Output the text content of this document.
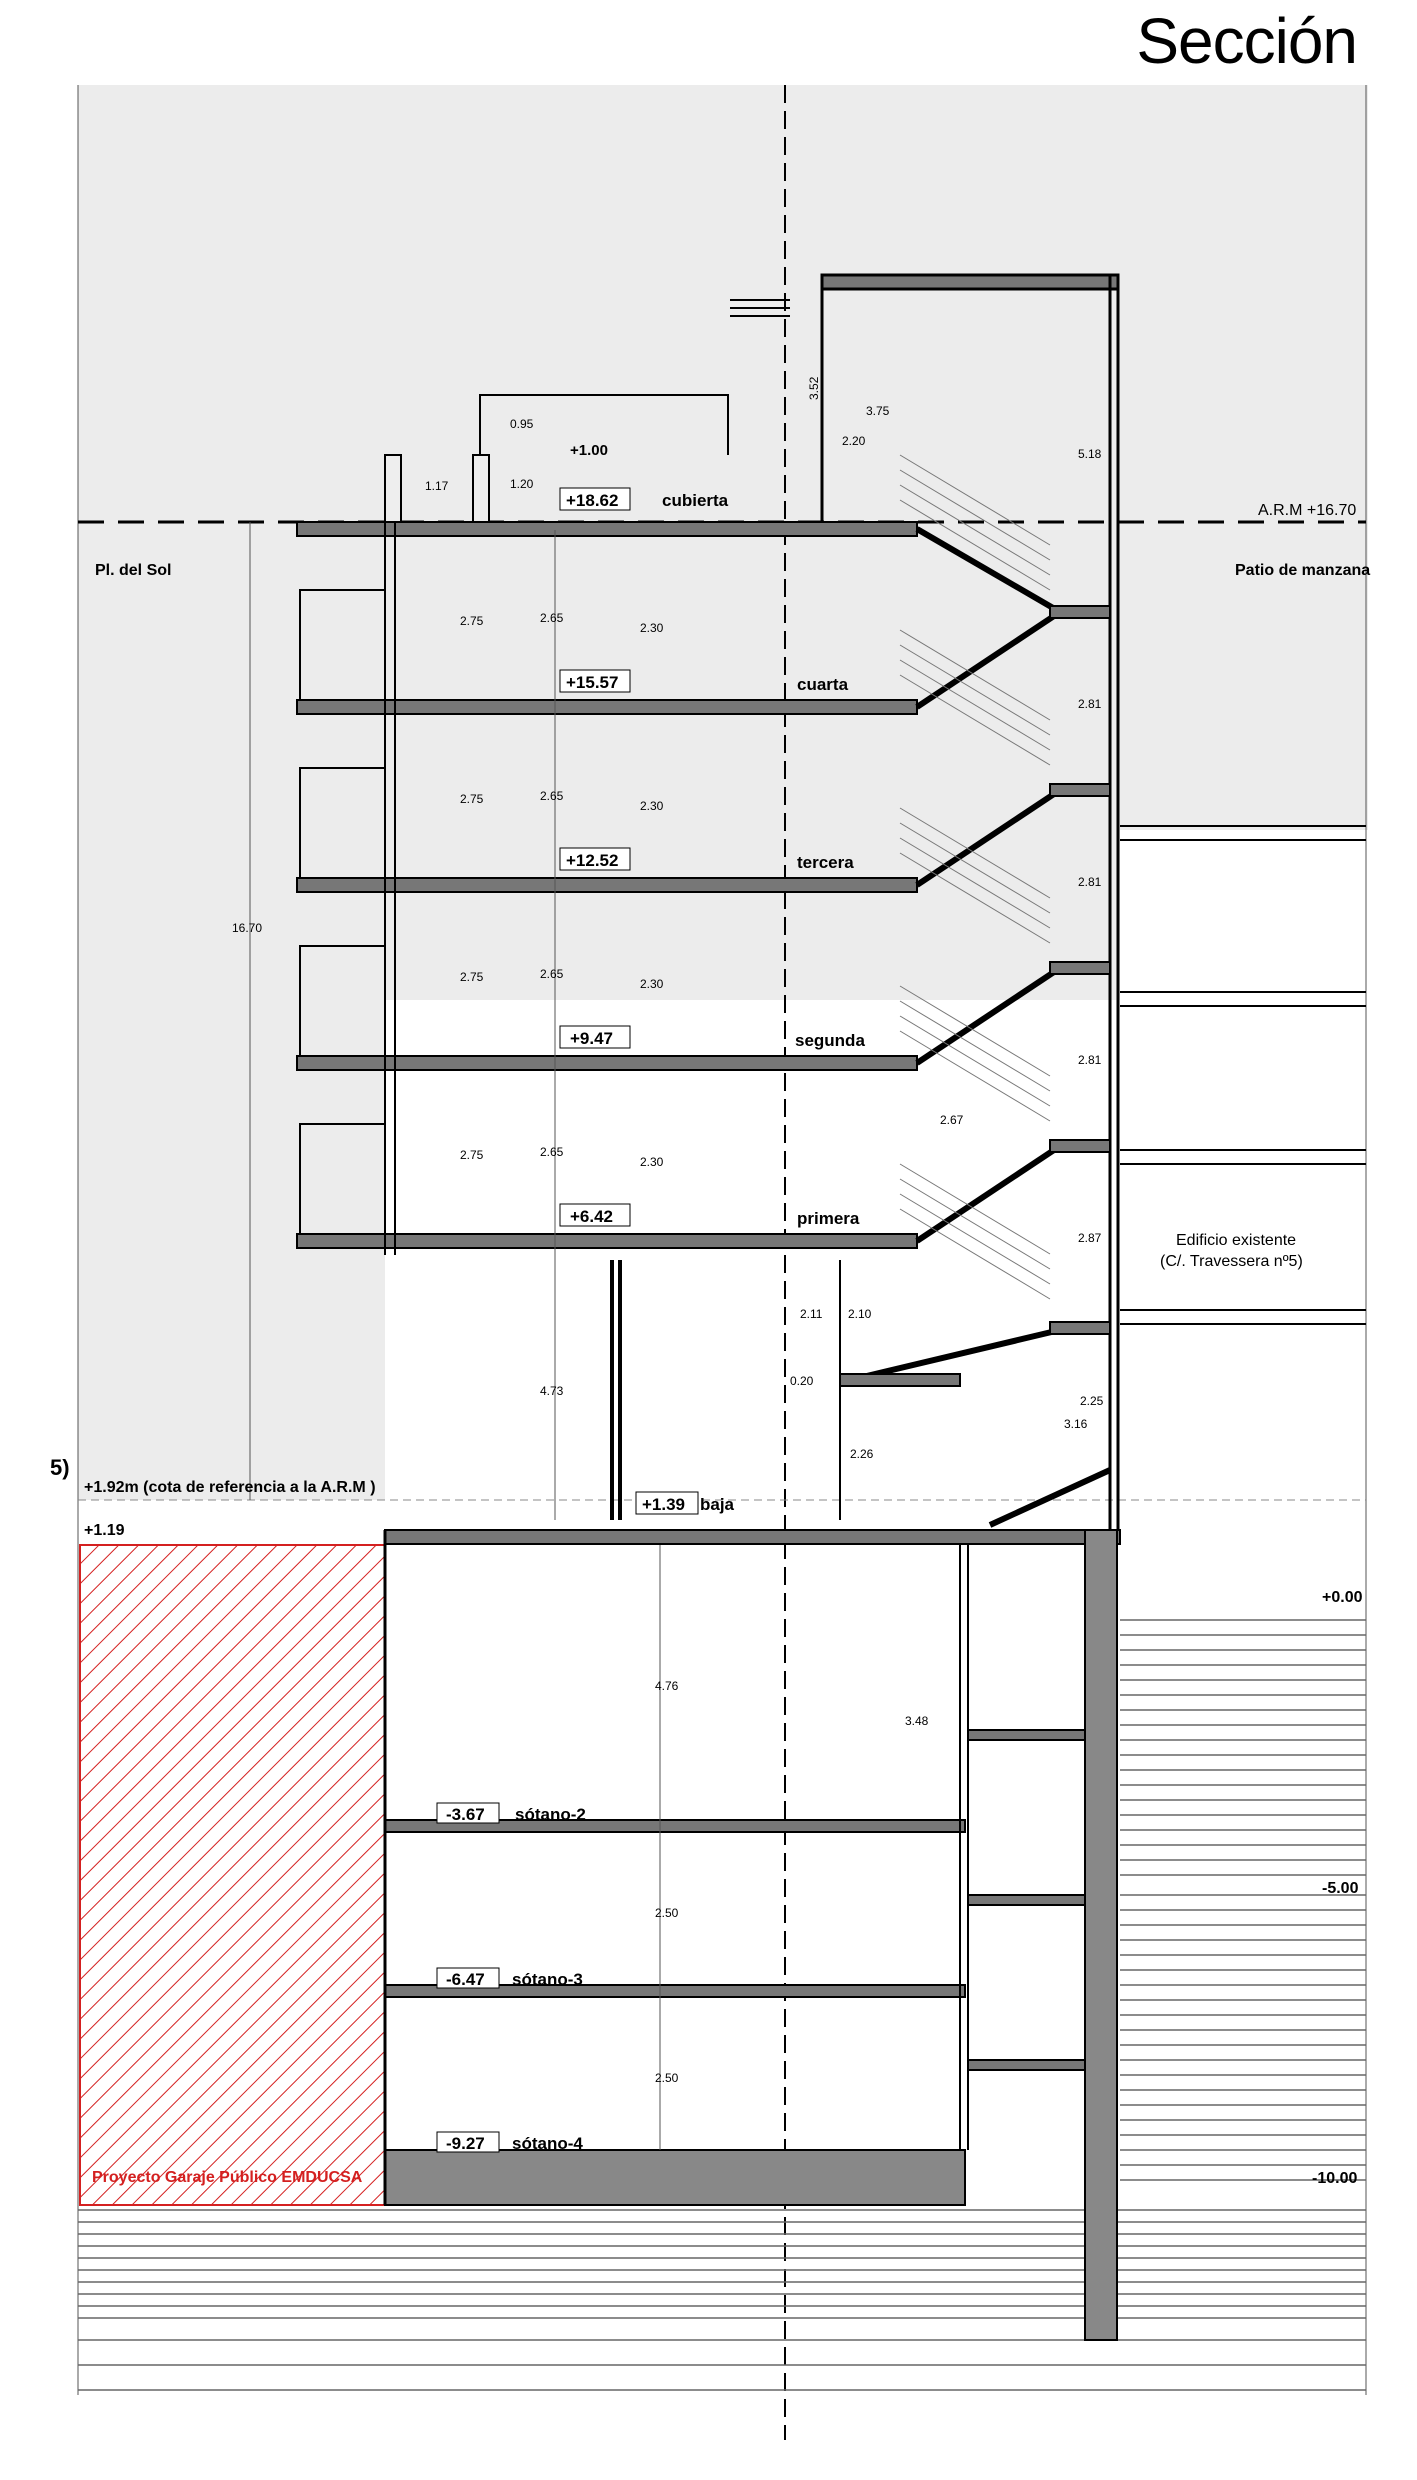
Sección
Pl. del Sol	Patio de manzana
A.R.M +16.70
+1.92m (cota de referencia a la A.R.M )
+1.19
5)
Edificio existente
(C/. Travessera nº5)
Proyecto Garaje Público EMDUCSA
+18.62	cubierta
+15.57	cuarta
+12.52	tercera
+9.47	segunda
+6.42	primera
+1.39 baja
-3.67 sótano-2
-6.47 sótano-3
-9.27 sótano-4
+0.00
-5.00
-10.00
+1.00
0.95
1.17	1.20
3.52
3.75
2.20
5.18
2.75	2.65
2.30
2.75	2.65
2.30
2.75	2.65
2.30
2.75	2.65
2.30
2.81
2.81
2.81
16.70
4.73
2.11 2.10
0.20
2.26
2.87
2.67
2.25
3.16
4.76
3.48
2.50
2.50
